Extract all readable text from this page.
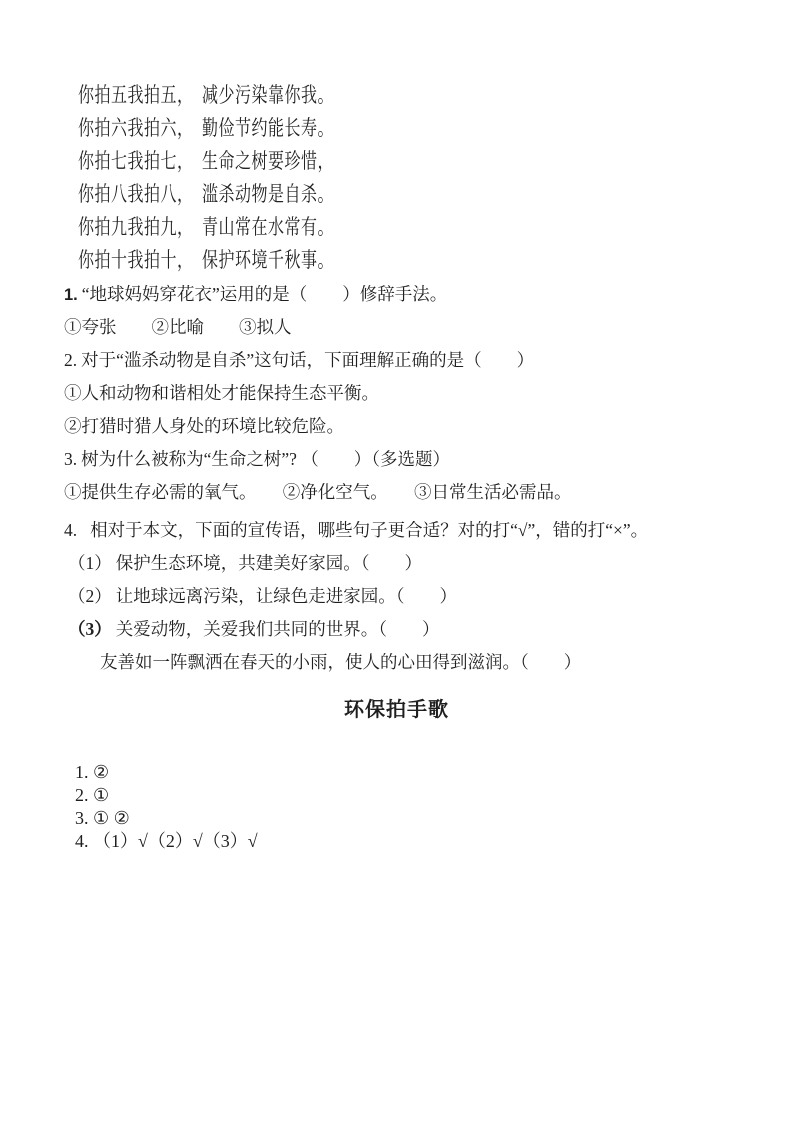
你拍五我拍五，　减少污染靠你我。
你拍六我拍六，　勤俭节约能长寿。
你拍七我拍七，　生命之树要珍惜，
你拍八我拍八，　滥杀动物是自杀。
你拍九我拍九，　青山常在水常有。
你拍十我拍十，　保护环境千秋事。
1. “地球妈妈穿花衣”运用的是（　　）修辞手法。
①夸张　　②比喻　　③拟人
2. 对于“滥杀动物是自杀”这句话，下面理解正确的是（　　）
①人和动物和谐相处才能保持生态平衡。
②打猎时猎人身处的环境比较危险。
3. 树为什么被称为“生命之树”? （　　）（多选题）
①提供生存必需的氧气。　　②净化空气。　　③日常生活必需品。
4. 相对于本文，下面的宣传语，哪些句子更合适？对的打“√”，错的打“×”。
（1） 保护生态环境，共建美好家园。（　　）
（2） 让地球远离污染，让绿色走进家园。（　　）
（3） 关爱动物，关爱我们共同的世界。（　　）
友善如一阵飘洒在春天的小雨，使人的心田得到滋润。（　　）
环保拍手歌
1. ②
2. ①
3. ① ②
4. （1）√（2）√（3）√
